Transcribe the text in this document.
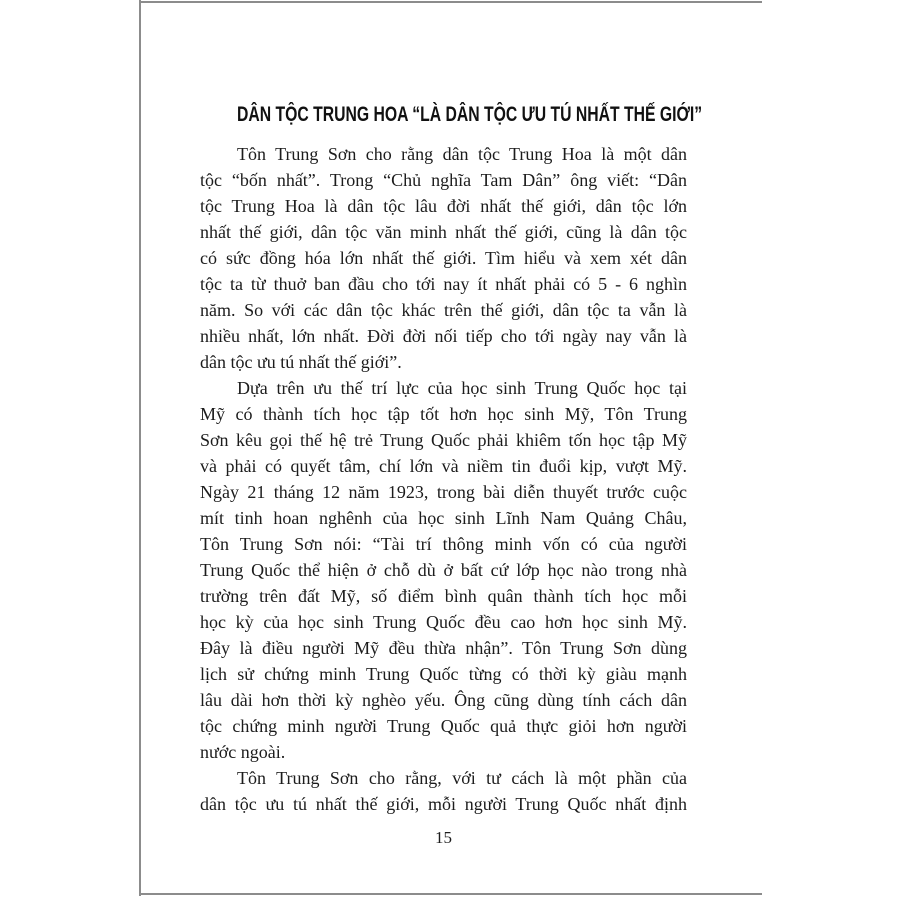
DÂN TỘC TRUNG HOA “LÀ DÂN TỘC ƯU TÚ NHẤT THẾ GIỚI”
Tôn Trung Sơn cho rằng dân tộc Trung Hoa là một dân
tộc “bốn nhất”. Trong “Chủ nghĩa Tam Dân” ông viết: “Dân
tộc Trung Hoa là dân tộc lâu đời nhất thế giới, dân tộc lớn
nhất thế giới, dân tộc văn minh nhất thế giới, cũng là dân tộc
có sức đồng hóa lớn nhất thế giới. Tìm hiểu và xem xét dân
tộc ta từ thuở ban đầu cho tới nay ít nhất phải có 5 - 6 nghìn
năm. So với các dân tộc khác trên thế giới, dân tộc ta vẫn là
nhiều nhất, lớn nhất. Đời đời nối tiếp cho tới ngày nay vẫn là
dân tộc ưu tú nhất thế giới”.
Dựa trên ưu thế trí lực của học sinh Trung Quốc học tại
Mỹ có thành tích học tập tốt hơn học sinh Mỹ, Tôn Trung
Sơn kêu gọi thế hệ trẻ Trung Quốc phải khiêm tốn học tập Mỹ
và phải có quyết tâm, chí lớn và niềm tin đuổi kịp, vượt Mỹ.
Ngày 21 tháng 12 năm 1923, trong bài diễn thuyết trước cuộc
mít tinh hoan nghênh của học sinh Lĩnh Nam Quảng Châu,
Tôn Trung Sơn nói: “Tài trí thông minh vốn có của người
Trung Quốc thể hiện ở chỗ dù ở bất cứ lớp học nào trong nhà
trường trên đất Mỹ, số điểm bình quân thành tích học mỗi
học kỳ của học sinh Trung Quốc đều cao hơn học sinh Mỹ.
Đây là điều người Mỹ đều thừa nhận”. Tôn Trung Sơn dùng
lịch sử chứng minh Trung Quốc từng có thời kỳ giàu mạnh
lâu dài hơn thời kỳ nghèo yếu. Ông cũng dùng tính cách dân
tộc chứng minh người Trung Quốc quả thực giỏi hơn người
nước ngoài.
Tôn Trung Sơn cho rằng, với tư cách là một phần của
dân tộc ưu tú nhất thế giới, mỗi người Trung Quốc nhất định
15
